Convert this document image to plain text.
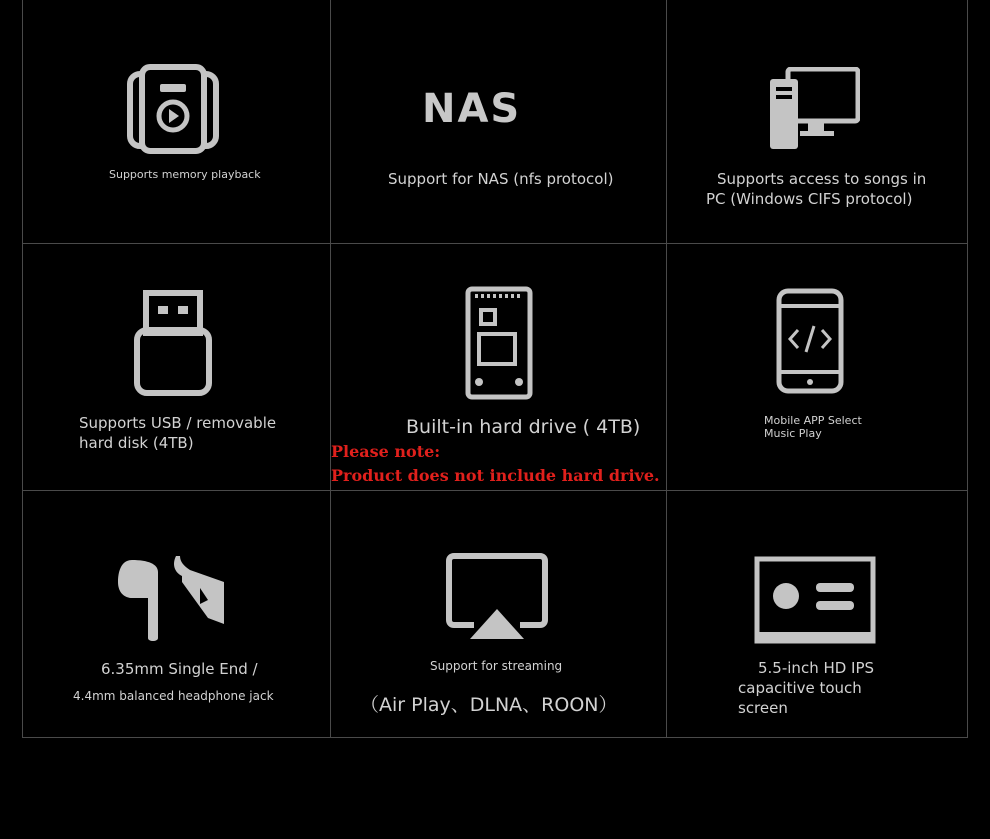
Supports memory playback
NAS
Support for NAS (nfs protocol)	Supports access to songs in
PC (Windows CIFS protocol)
Supports USB / removable
hard disk (4TB)
Built-in hard drive ( 4TB)	Mobile APP Select
Music Play
Please note:
Product does not include hard drive.
6.35mm Single End /
4.4mm balanced headphone jack
Support for streaming
（Air Play、DLNA、ROON）
5.5-inch HD IPS
capacitive touch
screen
